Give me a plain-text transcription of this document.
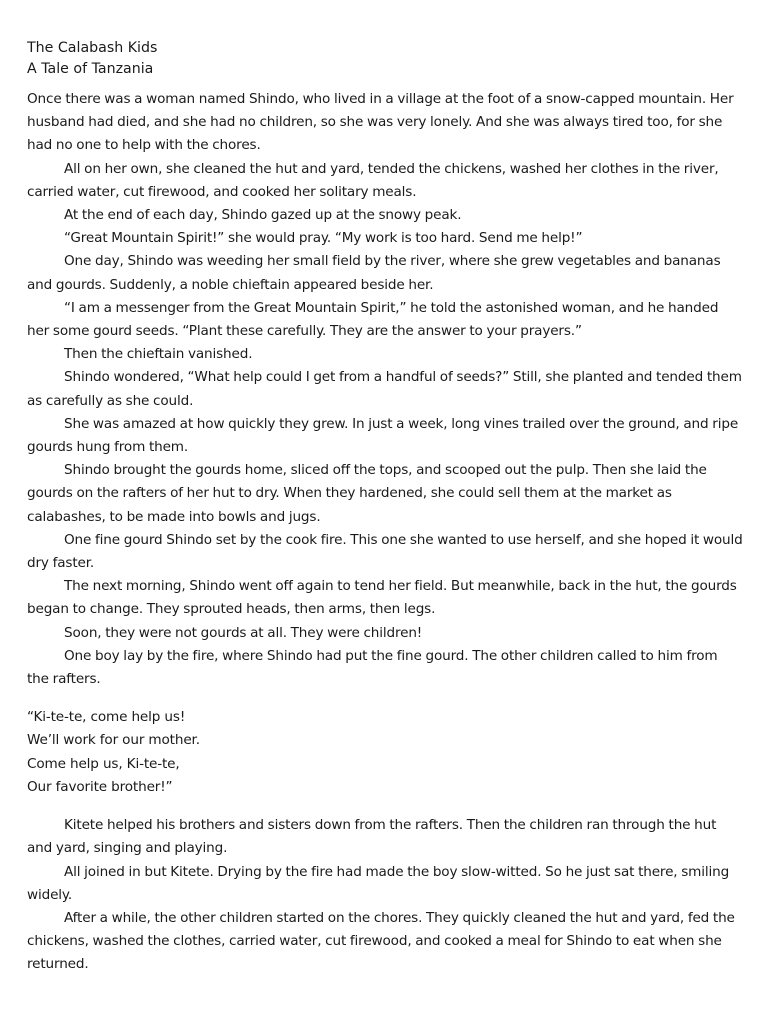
The Calabash Kids
A Tale of Tanzania

Once there was a woman named Shindo, who lived in a village at the foot of a snow-capped mountain. Her husband had died, and she had no children, so she was very lonely. And she was always tired too, for she had no one to help with the chores.

All on her own, she cleaned the hut and yard, tended the chickens, washed her clothes in the river, carried water, cut firewood, and cooked her solitary meals.

At the end of each day, Shindo gazed up at the snowy peak.

“Great Mountain Spirit!” she would pray. “My work is too hard. Send me help!”

One day, Shindo was weeding her small field by the river, where she grew vegetables and bananas and gourds. Suddenly, a noble chieftain appeared beside her.

“I am a messenger from the Great Mountain Spirit,” he told the astonished woman, and he handed her some gourd seeds. “Plant these carefully. They are the answer to your prayers.”

Then the chieftain vanished.

Shindo wondered, “What help could I get from a handful of seeds?” Still, she planted and tended them as carefully as she could.

She was amazed at how quickly they grew. In just a week, long vines trailed over the ground, and ripe gourds hung from them.

Shindo brought the gourds home, sliced off the tops, and scooped out the pulp. Then she laid the gourds on the rafters of her hut to dry. When they hardened, she could sell them at the market as calabashes, to be made into bowls and jugs.

One fine gourd Shindo set by the cook fire. This one she wanted to use herself, and she hoped it would dry faster.

The next morning, Shindo went off again to tend her field. But meanwhile, back in the hut, the gourds began to change. They sprouted heads, then arms, then legs.

Soon, they were not gourds at all. They were children!

One boy lay by the fire, where Shindo had put the fine gourd. The other children called to him from the rafters.

“Ki-te-te, come help us!
We’ll work for our mother.
Come help us, Ki-te-te,
Our favorite brother!”

Kitete helped his brothers and sisters down from the rafters. Then the children ran through the hut and yard, singing and playing.

All joined in but Kitete. Drying by the fire had made the boy slow-witted. So he just sat there, smiling widely.

After a while, the other children started on the chores. They quickly cleaned the hut and yard, fed the chickens, washed the clothes, carried water, cut firewood, and cooked a meal for Shindo to eat when she returned.
